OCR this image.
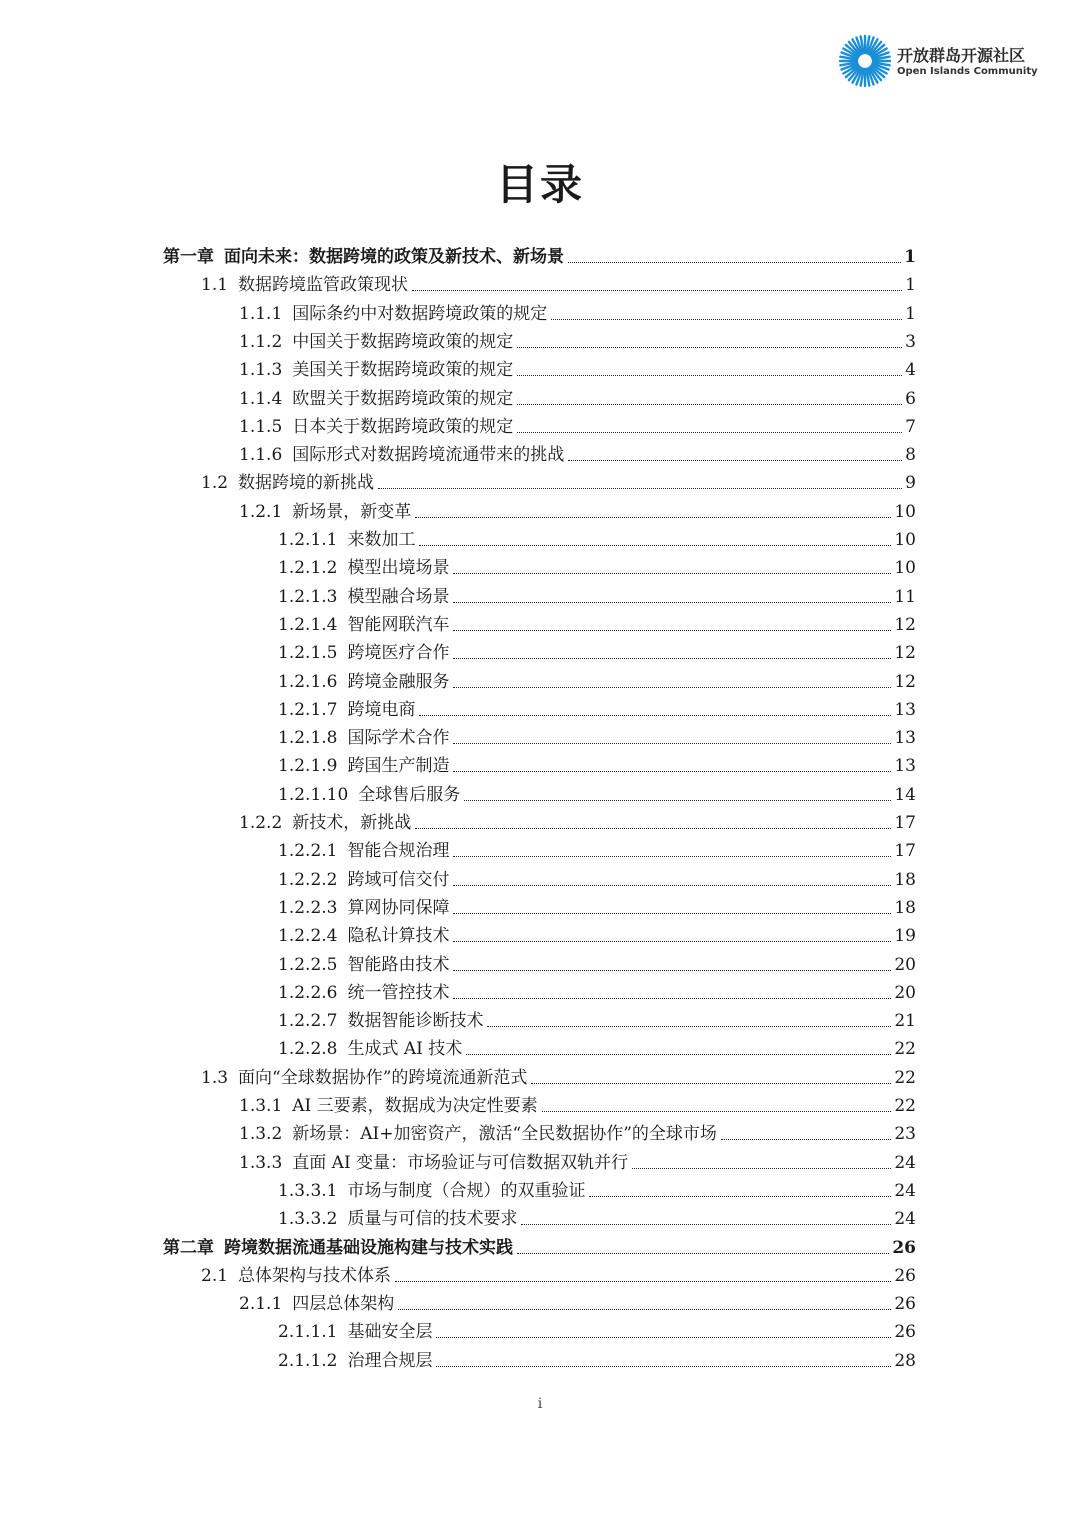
开放群岛开源社区
Open Islands Community
目录
第一章 面向未来：数据跨境的政策及新技术、新场景	1
1.1 数据跨境监管政策现状	1
1.1.1 国际条约中对数据跨境政策的规定	1
1.1.2 中国关于数据跨境政策的规定	3
1.1.3 美国关于数据跨境政策的规定	4
1.1.4 欧盟关于数据跨境政策的规定	6
1.1.5 日本关于数据跨境政策的规定	7
1.1.6 国际形式对数据跨境流通带来的挑战	8
1.2 数据跨境的新挑战	9
1.2.1 新场景，新变革	10
1.2.1.1 来数加工	10
1.2.1.2 模型出境场景	10
1.2.1.3 模型融合场景	11
1.2.1.4 智能网联汽车	12
1.2.1.5 跨境医疗合作	12
1.2.1.6 跨境金融服务	12
1.2.1.7 跨境电商	13
1.2.1.8 国际学术合作	13
1.2.1.9 跨国生产制造	13
1.2.1.10 全球售后服务	14
1.2.2 新技术，新挑战	17
1.2.2.1 智能合规治理	17
1.2.2.2 跨域可信交付	18
1.2.2.3 算网协同保障	18
1.2.2.4 隐私计算技术	19
1.2.2.5 智能路由技术	20
1.2.2.6 统一管控技术	20
1.2.2.7 数据智能诊断技术	21
1.2.2.8 生成式 AI 技术	22
1.3 面向“全球数据协作”的跨境流通新范式	22
1.3.1 AI 三要素，数据成为决定性要素	22
1.3.2 新场景：AI+加密资产，激活“全民数据协作”的全球市场	23
1.3.3 直面 AI 变量：市场验证与可信数据双轨并行	24
1.3.3.1 市场与制度（合规）的双重验证	24
1.3.3.2 质量与可信的技术要求	24
第二章 跨境数据流通基础设施构建与技术实践	26
2.1 总体架构与技术体系	26
2.1.1 四层总体架构	26
2.1.1.1 基础安全层	26
2.1.1.2 治理合规层	28
i
